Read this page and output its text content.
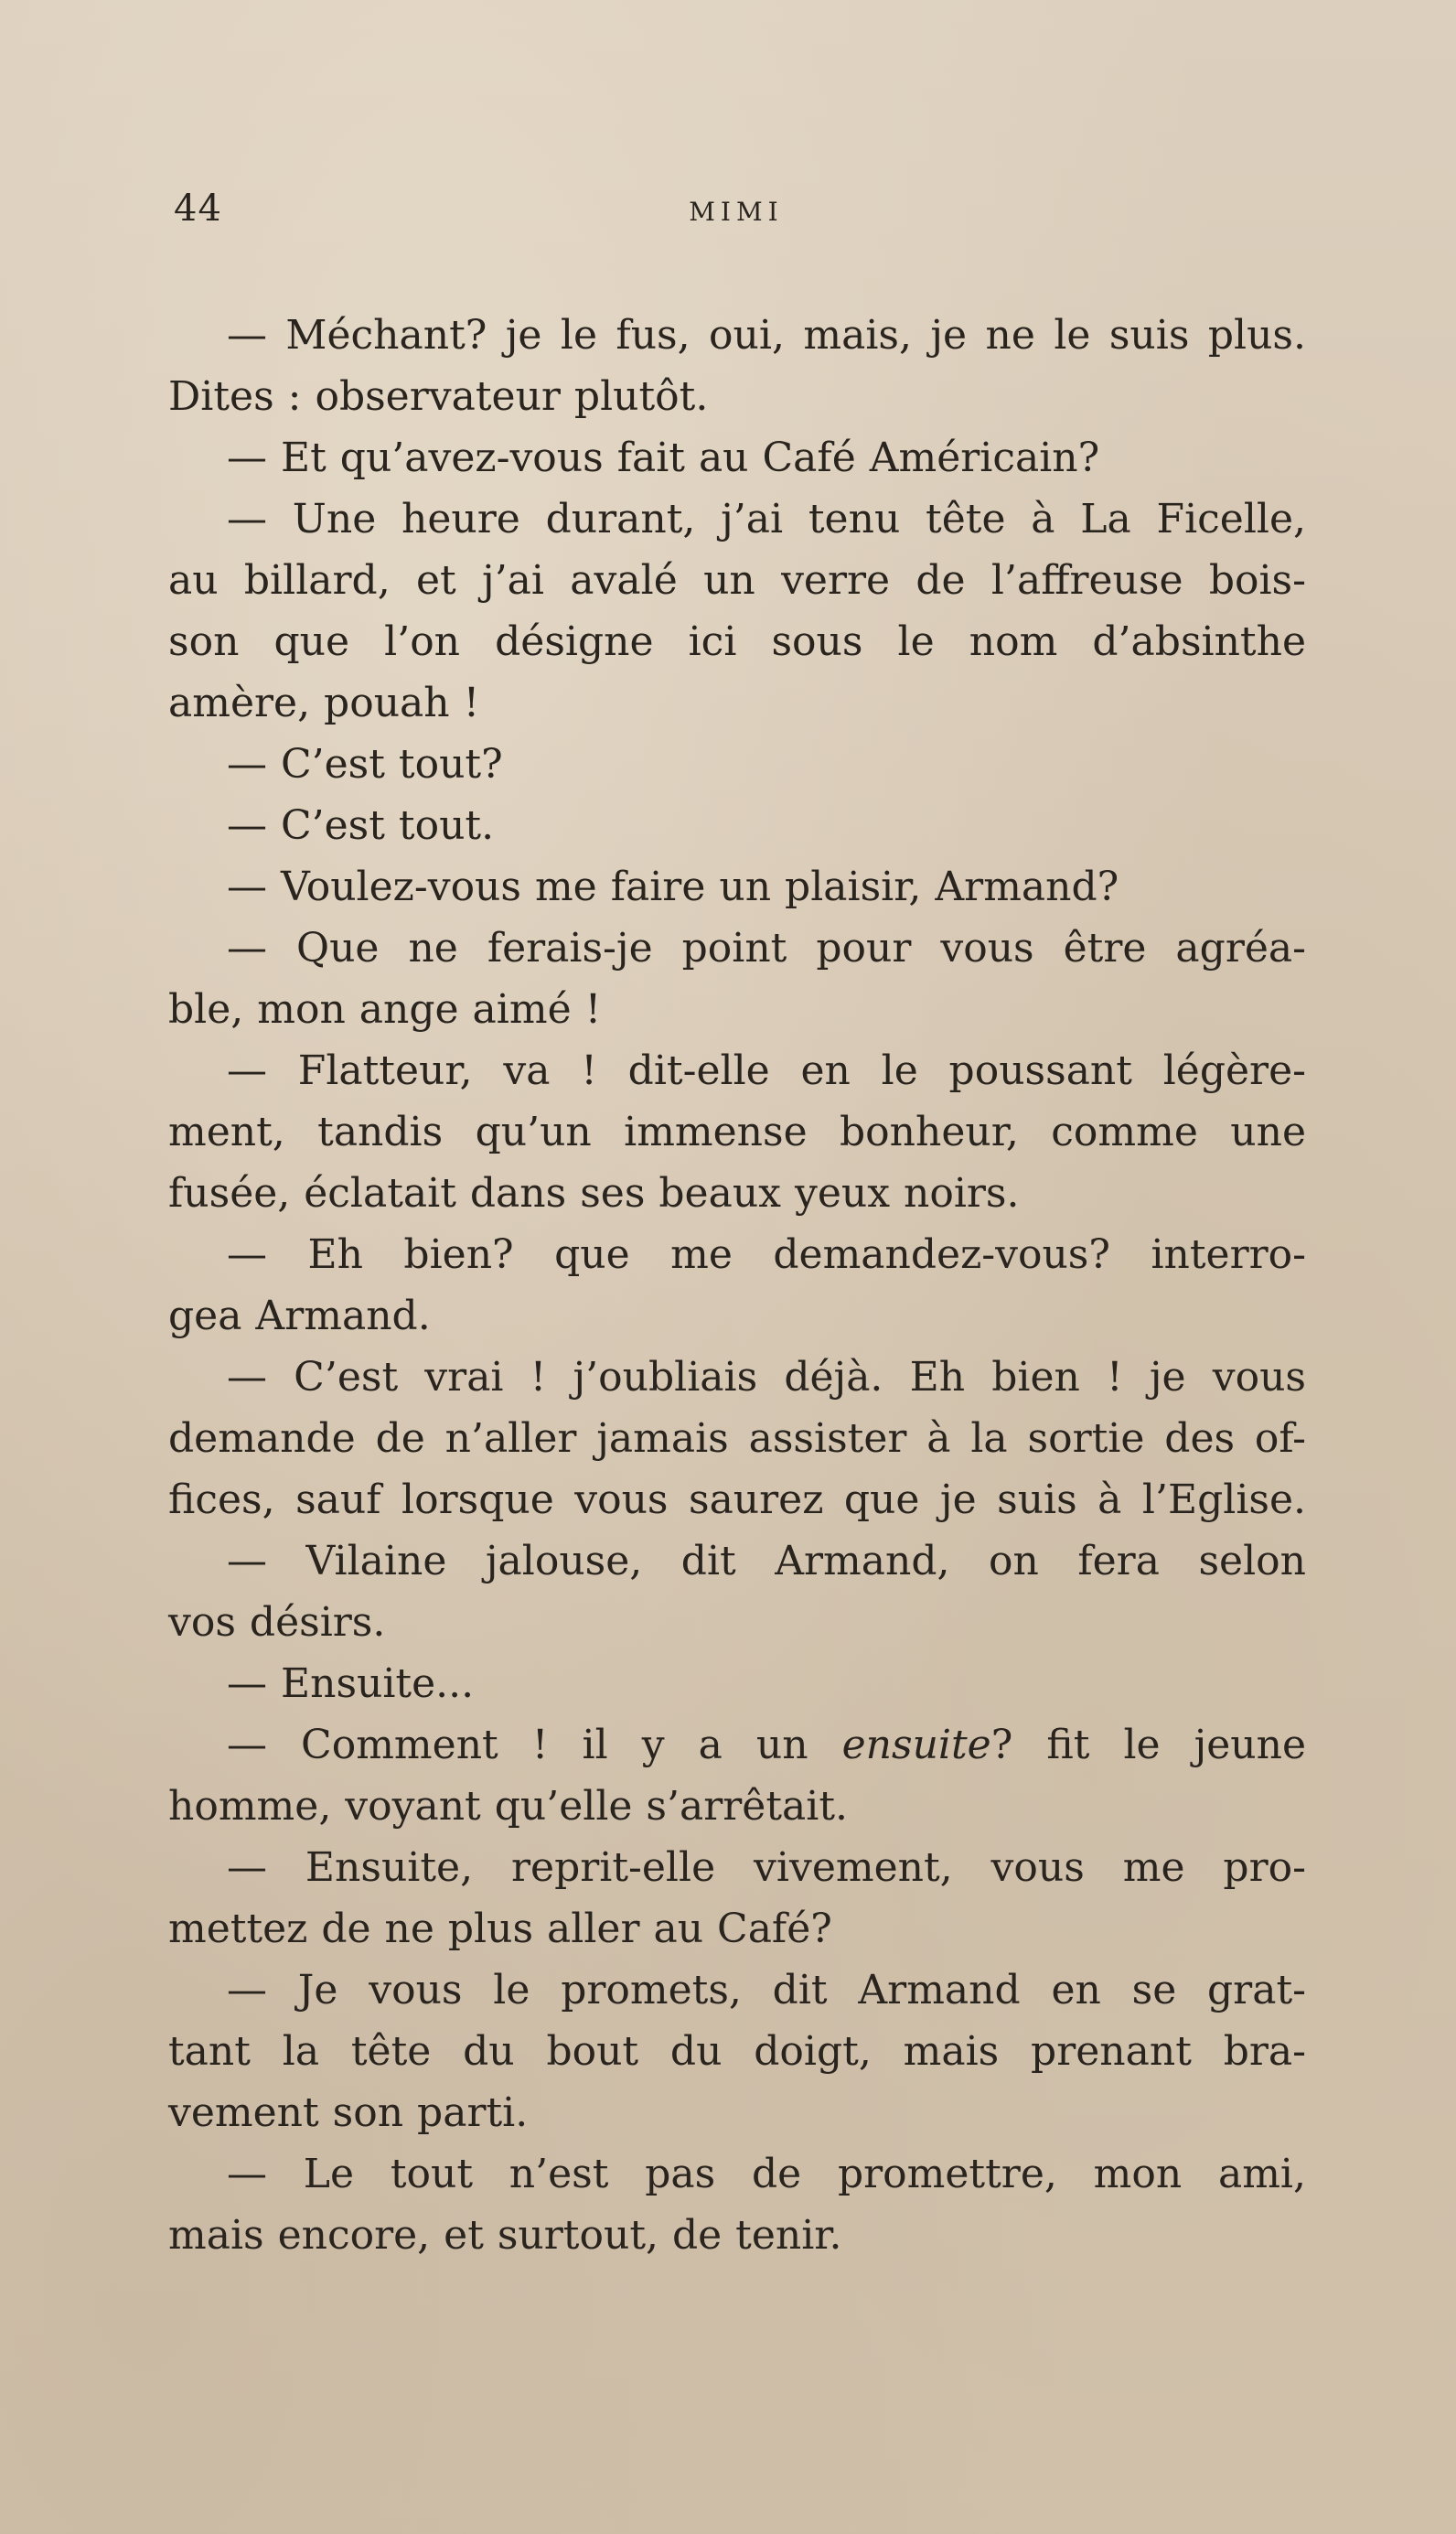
44	MIMI
— Méchant? je le fus, oui, mais, je ne le suis plus.
Dites : observateur plutôt.
— Et qu’avez-vous fait au Café Américain?
— Une heure durant, j’ai tenu tête à La Ficelle,
au billard, et j’ai avalé un verre de l’affreuse bois-
son que l’on désigne ici sous le nom d’absinthe
amère, pouah !
— C’est tout?
— C’est tout.
— Voulez-vous me faire un plaisir, Armand?
— Que ne ferais-je point pour vous être agréa-
ble, mon ange aimé !
— Flatteur, va ! dit-elle en le poussant légère-
ment, tandis qu’un immense bonheur, comme une
fusée, éclatait dans ses beaux yeux noirs.
— Eh bien? que me demandez-vous? interro-
gea Armand.
— C’est vrai ! j’oubliais déjà. Eh bien ! je vous
demande de n’aller jamais assister à la sortie des of-
fices, sauf lorsque vous saurez que je suis à l’Eglise.
— Vilaine jalouse, dit Armand, on fera selon
vos désirs.
— Ensuite...
— Comment ! il y a un ensuite? fit le jeune
homme, voyant qu’elle s’arrêtait.
— Ensuite, reprit-elle vivement, vous me pro-
mettez de ne plus aller au Café?
— Je vous le promets, dit Armand en se grat-
tant la tête du bout du doigt, mais prenant bra-
vement son parti.
— Le tout n’est pas de promettre, mon ami,
mais encore, et surtout, de tenir.
